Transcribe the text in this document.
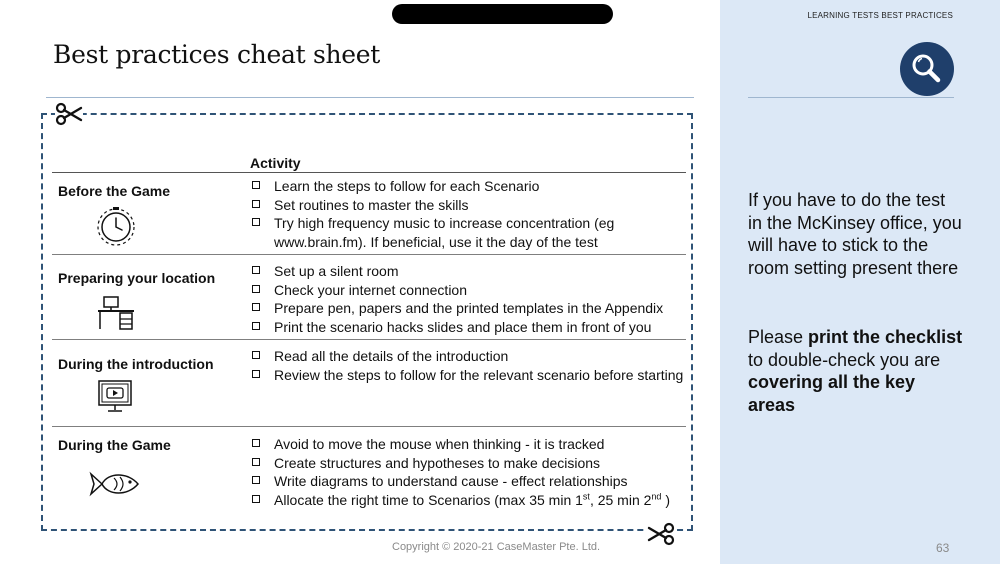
Best practices cheat sheet
Activity
Before the Game	Learn the steps to follow for each Scenario
Set routines to master the skills
Try high frequency music to increase concentration (eg www.brain.fm). If beneficial, use it the day of the test
Preparing your location	Set up a silent room
Check your internet connection
Prepare pen, papers and the printed templates in the Appendix
Print the scenario hacks slides and place them in front of you
During the introduction	Read all the details of the introduction
Review the steps to follow for the relevant scenario before starting
During the Game	Avoid to move the mouse when thinking - it is tracked
Create structures and hypotheses to make decisions
Write diagrams to understand cause - effect relationships
Allocate the right time to Scenarios (max 35 min 1st, 25 min 2nd )
Copyright © 2020-21 CaseMaster Pte. Ltd.
LEARNING TESTS BEST PRACTICES
If you have to do the test in the McKinsey office, you will have to stick to the room setting present there
Please print the checklist to double-check you are covering all the key areas
63
